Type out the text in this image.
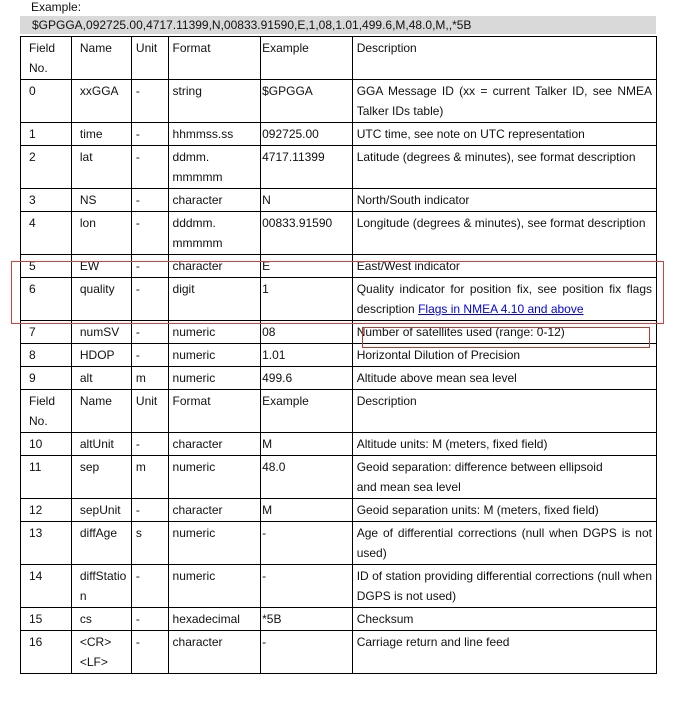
Example:
$GPGGA,092725.00,4717.11399,N,00833.91590,E,1,08,1.01,499.6,M,48.0,M,,*5B
Field No.	Name	Unit	Format	Example	Description
0	xxGGA	-	string	$GPGGA	GGA Message ID (xx = current Talker ID, see NMEA Talker IDs table)
1	time	-	hhmmss.ss	092725.00	UTC time, see note on UTC representation
2	lat	-	ddmm. mmmmm	4717.11399	Latitude (degrees & minutes), see format description
3	NS	-	character	N	North/South indicator
4	lon	-	dddmm. mmmmm	00833.91590	Longitude (degrees & minutes), see format description
5	EW	-	character	E	East/West indicator
6	quality	-	digit	1	Quality indicator for position fix, see position fix flags description Flags in NMEA 4.10 and above
7	numSV	-	numeric	08	Number of satellites used (range: 0-12)
8	HDOP	-	numeric	1.01	Horizontal Dilution of Precision
9	alt	m	numeric	499.6	Altitude above mean sea level
Field No.	Name	Unit	Format	Example	Description
10	altUnit	-	character	M	Altitude units: M (meters, fixed field)
11	sep	m	numeric	48.0	Geoid separation: difference between ellipsoid
and mean sea level
12	sepUnit	-	character	M	Geoid separation units: M (meters, fixed field)
13	diffAge	s	numeric	-	Age of differential corrections (null when DGPS is not used)
14	diffStation	-	numeric	-	ID of station providing differential corrections (null when DGPS is not used)
15	cs	-	hexadecimal	*5B	Checksum
16	<CR><LF>	-	character	-	Carriage return and line feed
